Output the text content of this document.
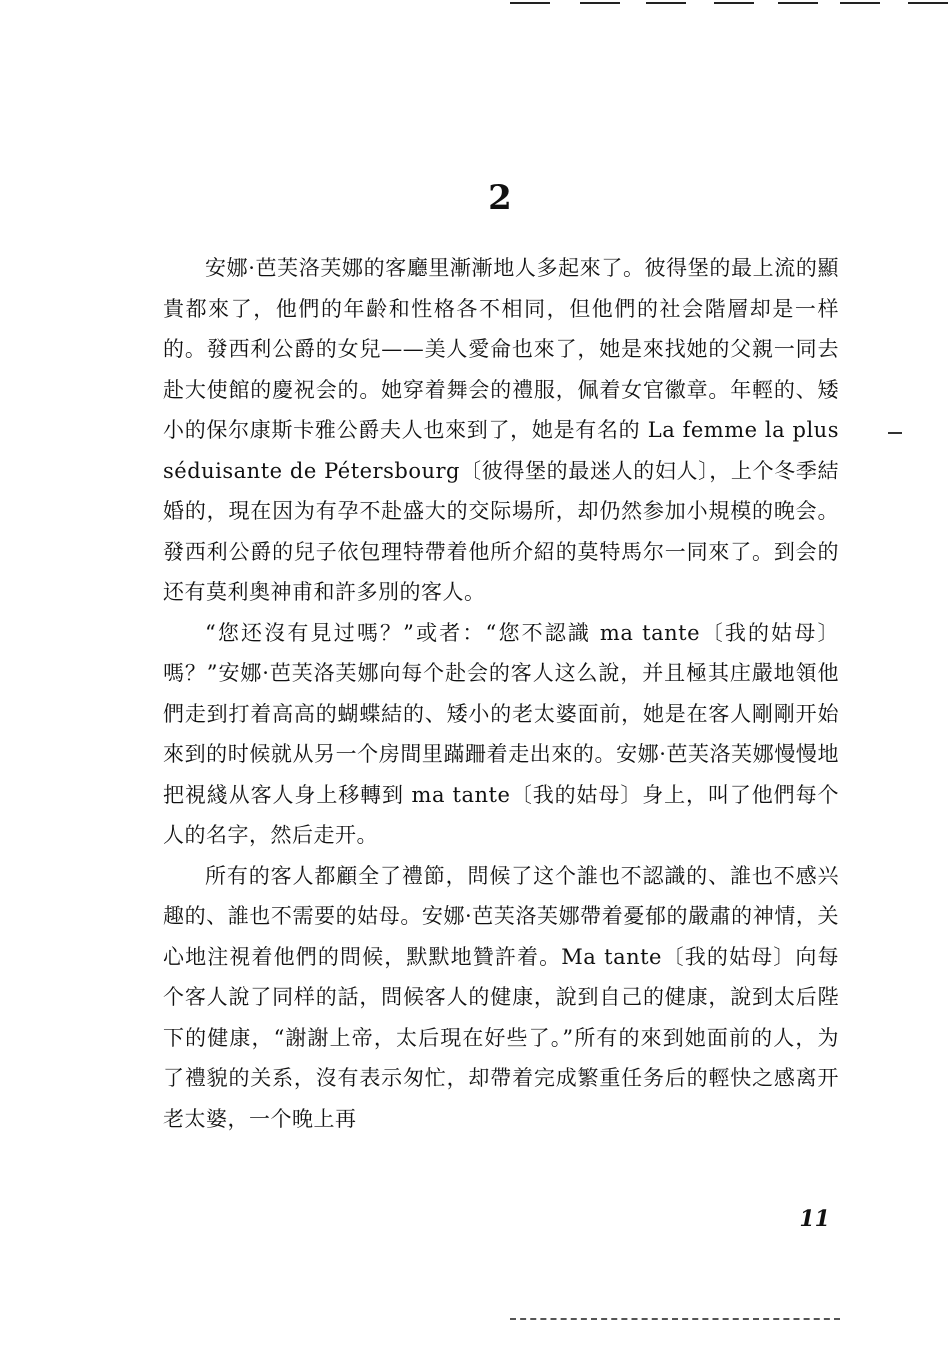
2

安娜·芭芙洛芙娜的客廳里漸漸地人多起來了。彼得堡的最上流的顯貴都來了，他們的年齡和性格各不相同，但他們的社会階層却是一样的。發西利公爵的女兒——美人愛侖也來了，她是來找她的父親一同去赴大使館的慶祝会的。她穿着舞会的禮服，佩着女官徽章。年輕的、矮小的保尔康斯卡雅公爵夫人也來到了，她是有名的 La femme la plus séduisante de Pétersbourg〔彼得堡的最迷人的妇人〕，上个冬季結婚的，現在因为有孕不赴盛大的交际場所，却仍然参加小規模的晚会。發西利公爵的兒子依包理特帶着他所介紹的莫特馬尔一同來了。到会的还有莫利奥神甫和許多別的客人。

“您还沒有見过嗎？”或者：“您不認識 ma tante〔我的姑母〕嗎？”安娜·芭芙洛芙娜向每个赴会的客人这么說，并且極其庄嚴地領他們走到打着高高的蝴蝶結的、矮小的老太婆面前，她是在客人剛剛开始來到的时候就从另一个房間里蹣跚着走出來的。安娜·芭芙洛芙娜慢慢地把視綫从客人身上移轉到 ma tante〔我的姑母〕身上，叫了他們每个人的名字，然后走开。

所有的客人都顧全了禮節，問候了这个誰也不認識的、誰也不感兴趣的、誰也不需要的姑母。安娜·芭芙洛芙娜帶着憂郁的嚴肅的神情，关心地注視着他們的問候，默默地贊許着。Ma tante〔我的姑母〕向每个客人說了同样的話，問候客人的健康，說到自己的健康，說到太后陛下的健康，“謝謝上帝，太后現在好些了。”所有的來到她面前的人，为了禮貌的关系，沒有表示匆忙，却帶着完成繁重任务后的輕快之感离开老太婆，一个晚上再

11
